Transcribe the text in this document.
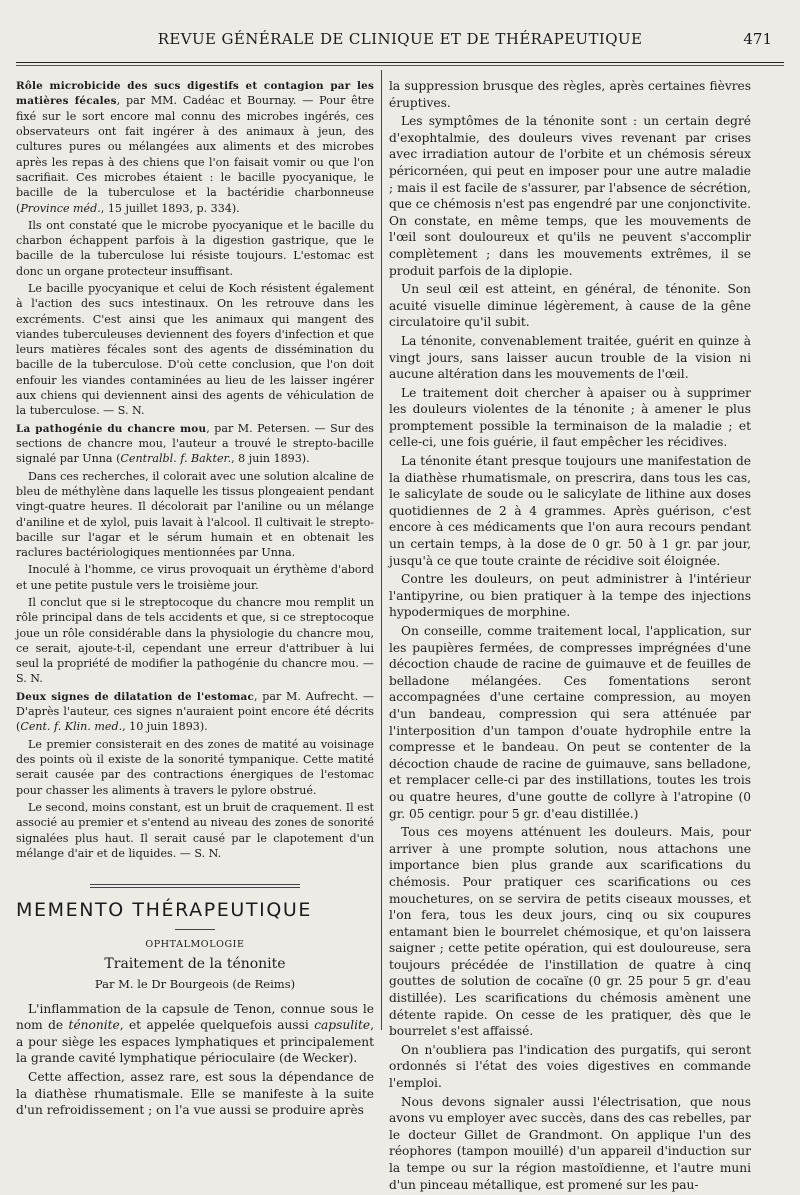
REVUE GÉNÉRALE DE CLINIQUE ET DE THÉRAPEUTIQUE	471

Rôle microbicide des sucs digestifs et contagion par les matières fécales, par MM. Cadéac et Bournay. — Pour être fixé sur le sort encore mal connu des microbes ingérés, ces observateurs ont fait ingérer à des animaux à jeun, des cultures pures ou mélangées aux aliments et des microbes après les repas à des chiens que l'on faisait vomir ou que l'on sacrifiait. Ces microbes étaient : le bacille pyocyanique, le bacille de la tuberculose et la bactéridie charbonneuse (Province méd., 15 juillet 1893, p. 334).

Ils ont constaté que le microbe pyocyanique et le bacille du charbon échappent parfois à la digestion gastrique, que le bacille de la tuberculose lui résiste toujours. L'estomac est donc un organe protecteur insuffisant.

Le bacille pyocyanique et celui de Koch résistent également à l'action des sucs intestinaux. On les retrouve dans les excréments. C'est ainsi que les animaux qui mangent des viandes tuberculeuses deviennent des foyers d'infection et que leurs matières fécales sont des agents de dissémination du bacille de la tuberculose. D'où cette conclusion, que l'on doit enfouir les viandes contaminées au lieu de les laisser ingérer aux chiens qui deviennent ainsi des agents de véhiculation de la tuberculose. — S. N.

La pathogénie du chancre mou, par M. Petersen. — Sur des sections de chancre mou, l'auteur a trouvé le strepto-bacille signalé par Unna (Centralbl. f. Bakter., 8 juin 1893).

Dans ces recherches, il colorait avec une solution alcaline de bleu de méthylène dans laquelle les tissus plongeaient pendant vingt-quatre heures. Il décolorait par l'aniline ou un mélange d'aniline et de xylol, puis lavait à l'alcool. Il cultivait le strepto-bacille sur l'agar et le sérum humain et en obtenait les raclures bactériologiques mentionnées par Unna.

Inoculé à l'homme, ce virus provoquait un érythème d'abord et une petite pustule vers le troisième jour.

Il conclut que si le streptocoque du chancre mou remplit un rôle principal dans de tels accidents et que, si ce streptocoque joue un rôle considérable dans la physiologie du chancre mou, ce serait, ajoute-t-il, cependant une erreur d'attribuer à lui seul la propriété de modifier la pathogénie du chancre mou. — S. N.

Deux signes de dilatation de l'estomac, par M. Aufrecht. — D'après l'auteur, ces signes n'auraient point encore été décrits (Cent. f. Klin. med., 10 juin 1893).

Le premier consisterait en des zones de matité au voisinage des points où il existe de la sonorité tympanique. Cette matité serait causée par des contractions énergiques de l'estomac pour chasser les aliments à travers le pylore obstrué.

Le second, moins constant, est un bruit de craquement. Il est associé au premier et s'entend au niveau des zones de sonorité signalées plus haut. Il serait causé par le clapotement d'un mélange d'air et de liquides. — S. N.

MEMENTO THÉRAPEUTIQUE
OPHTALMOLOGIE
Traitement de la ténonite
Par M. le Dr Bourgeois (de Reims)

L'inflammation de la capsule de Tenon, connue sous le nom de ténonite, et appelée quelquefois aussi capsulite, a pour siège les espaces lymphatiques et principalement la grande cavité lymphatique périoculaire (de Wecker).

Cette affection, assez rare, est sous la dépendance de la diathèse rhumatismale. Elle se manifeste à la suite d'un refroidissement ; on l'a vue aussi se produire après

la suppression brusque des règles, après certaines fièvres éruptives.

Les symptômes de la ténonite sont : un certain degré d'exophtalmie, des douleurs vives revenant par crises avec irradiation autour de l'orbite et un chémosis séreux péricornéen, qui peut en imposer pour une autre maladie ; mais il est facile de s'assurer, par l'absence de sécrétion, que ce chémosis n'est pas engendré par une conjonctivite. On constate, en même temps, que les mouvements de l'œil sont douloureux et qu'ils ne peuvent s'accomplir complètement ; dans les mouvements extrêmes, il se produit parfois de la diplopie.

Un seul œil est atteint, en général, de ténonite. Son acuité visuelle diminue légèrement, à cause de la gêne circulatoire qu'il subit.

La ténonite, convenablement traitée, guérit en quinze à vingt jours, sans laisser aucun trouble de la vision ni aucune altération dans les mouvements de l'œil.

Le traitement doit chercher à apaiser ou à supprimer les douleurs violentes de la ténonite ; à amener le plus promptement possible la terminaison de la maladie ; et celle-ci, une fois guérie, il faut empêcher les récidives.

La ténonite étant presque toujours une manifestation de la diathèse rhumatismale, on prescrira, dans tous les cas, le salicylate de soude ou le salicylate de lithine aux doses quotidiennes de 2 à 4 grammes. Après guérison, c'est encore à ces médicaments que l'on aura recours pendant un certain temps, à la dose de 0 gr. 50 à 1 gr. par jour, jusqu'à ce que toute crainte de récidive soit éloignée.

Contre les douleurs, on peut administrer à l'intérieur l'antipyrine, ou bien pratiquer à la tempe des injections hypodermiques de morphine.

On conseille, comme traitement local, l'application, sur les paupières fermées, de compresses imprégnées d'une décoction chaude de racine de guimauve et de feuilles de belladone mélangées. Ces fomentations seront accompagnées d'une certaine compression, au moyen d'un bandeau, compression qui sera atténuée par l'interposition d'un tampon d'ouate hydrophile entre la compresse et le bandeau. On peut se contenter de la décoction chaude de racine de guimauve, sans belladone, et remplacer celle-ci par des instillations, toutes les trois ou quatre heures, d'une goutte de collyre à l'atropine (0 gr. 05 centigr. pour 5 gr. d'eau distillée.)

Tous ces moyens atténuent les douleurs. Mais, pour arriver à une prompte solution, nous attachons une importance bien plus grande aux scarifications du chémosis. Pour pratiquer ces scarifications ou ces mouchetures, on se servira de petits ciseaux mousses, et l'on fera, tous les deux jours, cinq ou six coupures entamant bien le bourrelet chémosique, et qu'on laissera saigner ; cette petite opération, qui est douloureuse, sera toujours précédée de l'instillation de quatre à cinq gouttes de solution de cocaïne (0 gr. 25 pour 5 gr. d'eau distillée). Les scarifications du chémosis amènent une détente rapide. On cesse de les pratiquer, dès que le bourrelet s'est affaissé.

On n'oubliera pas l'indication des purgatifs, qui seront ordonnés si l'état des voies digestives en commande l'emploi.

Nous devons signaler aussi l'électrisation, que nous avons vu employer avec succès, dans des cas rebelles, par le docteur Gillet de Grandmont. On applique l'un des réophores (tampon mouillé) d'un appareil d'induction sur la tempe ou sur la région mastoïdienne, et l'autre muni d'un pinceau métallique, est promené sur les pau-
